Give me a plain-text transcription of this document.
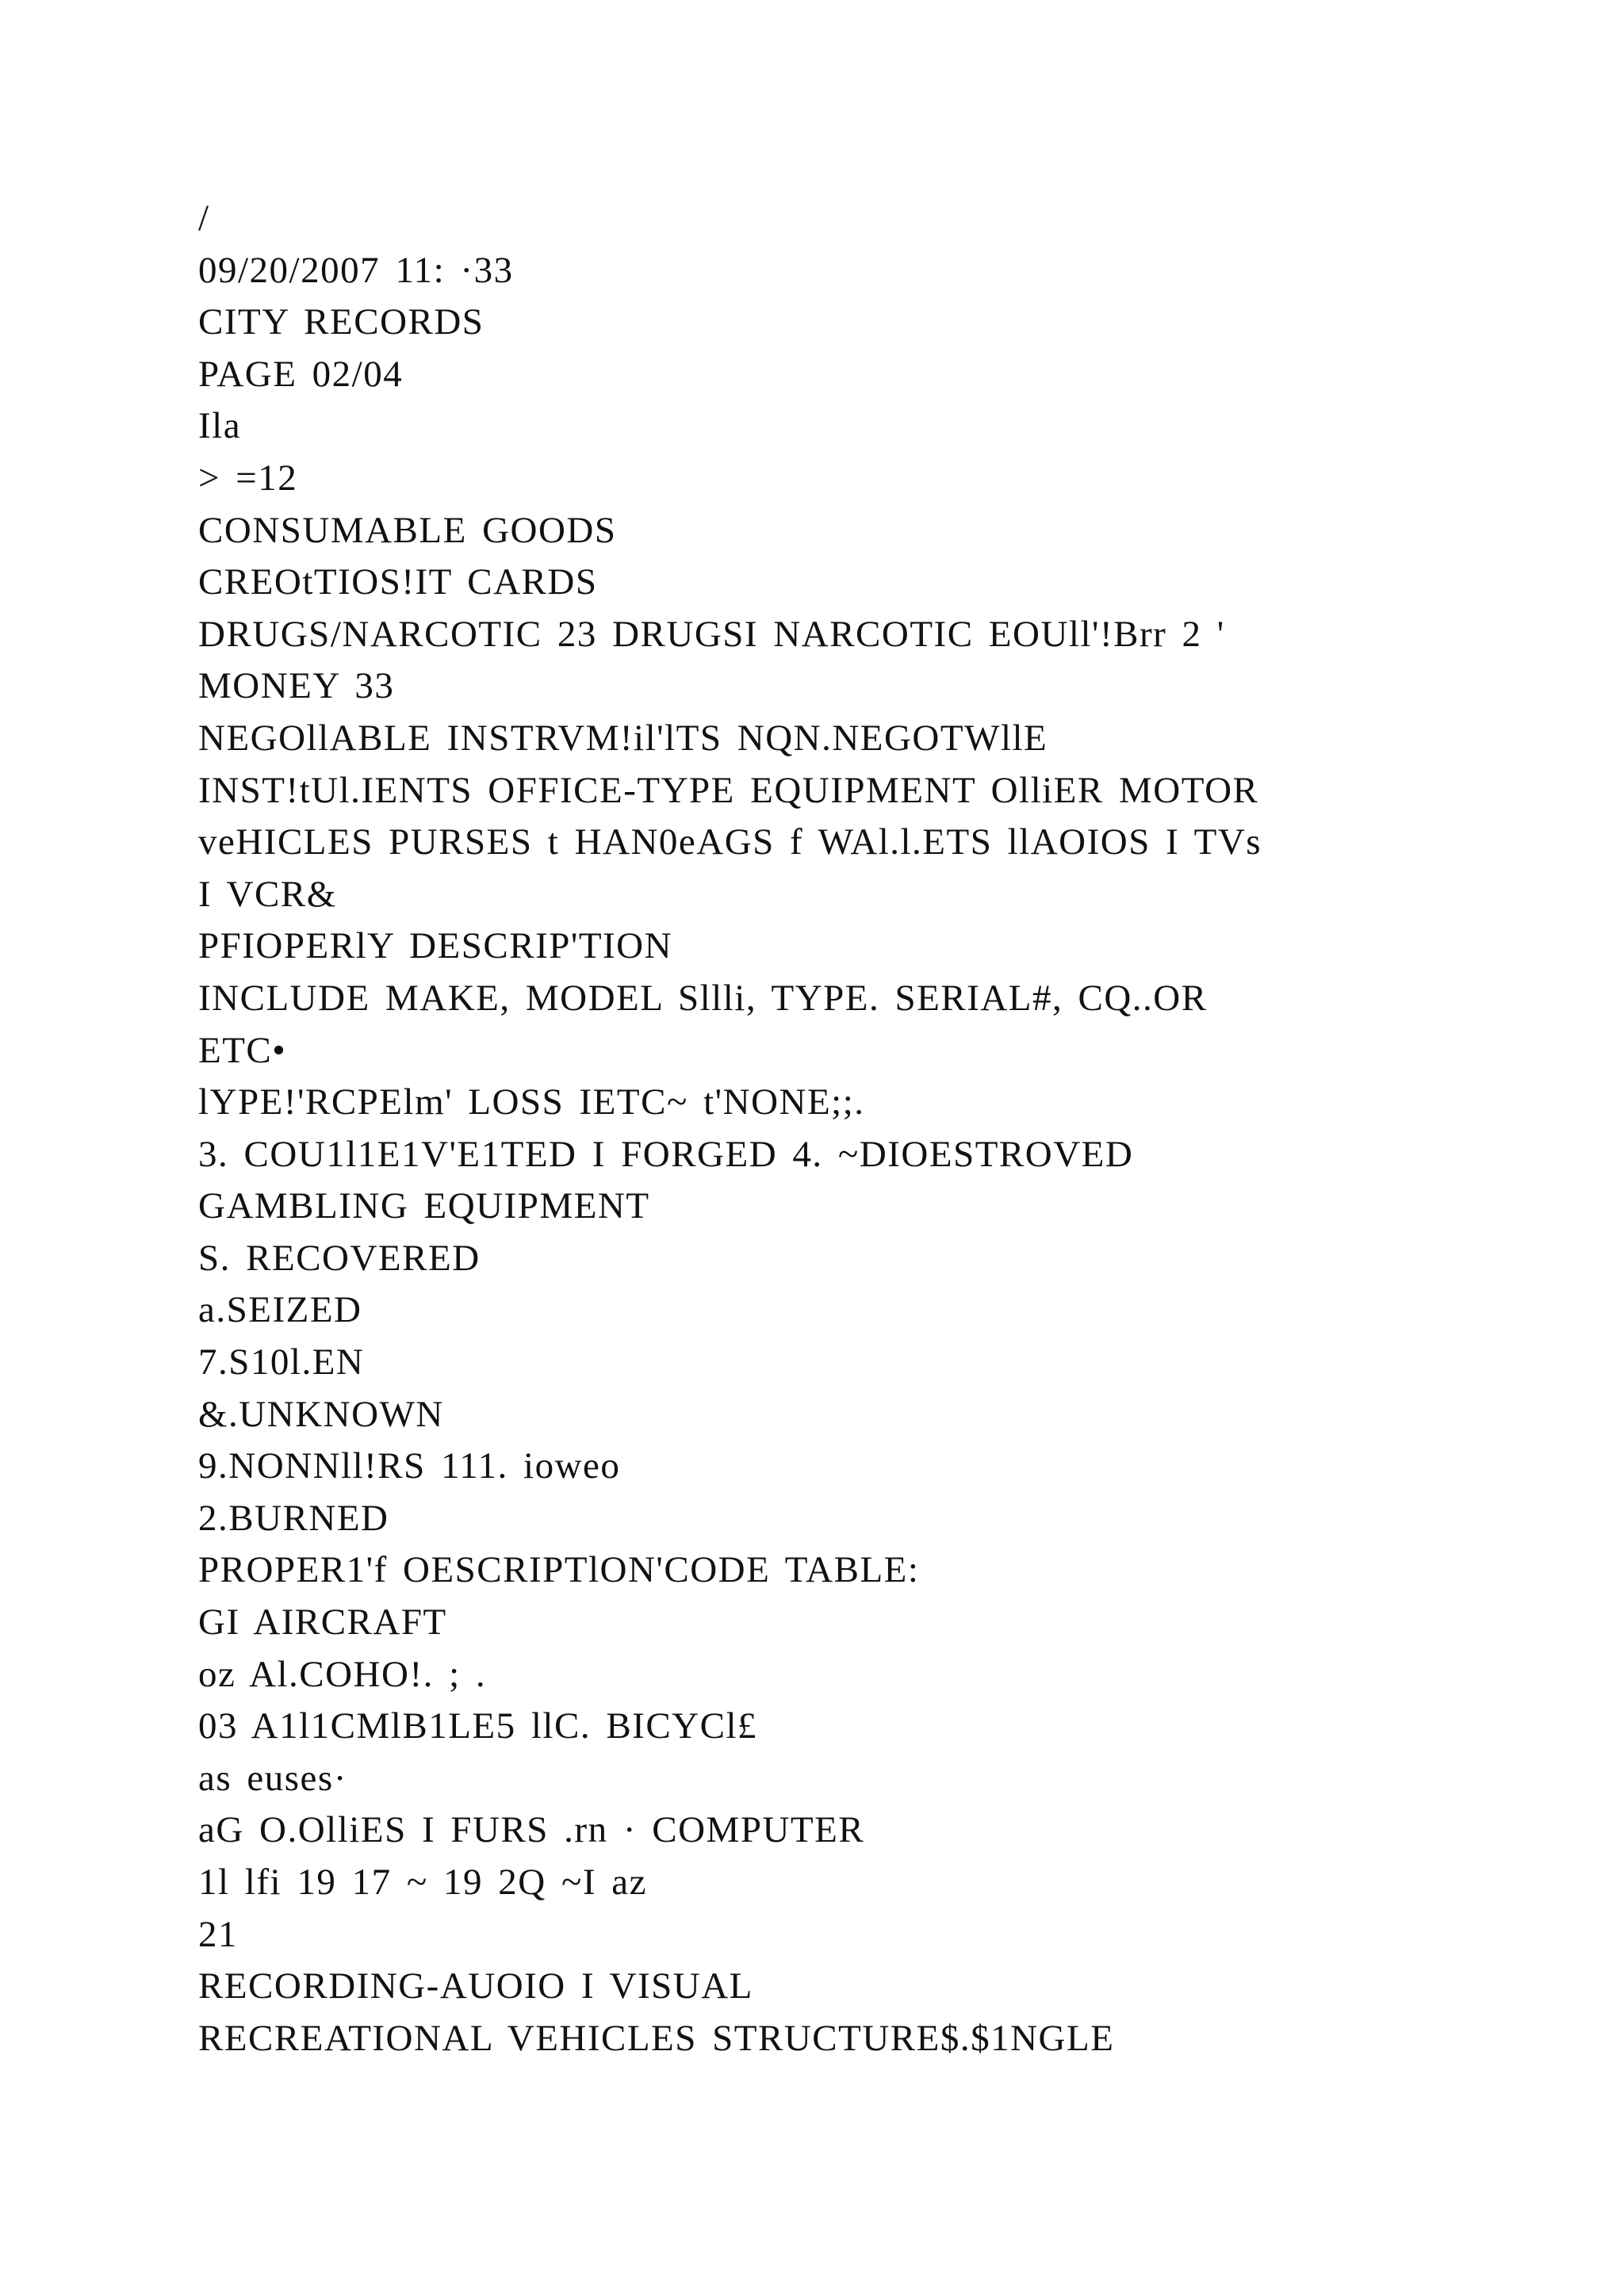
/
09/20/2007 11: ·33
CITY RECORDS
PAGE 02/04
Ila
> =12
CONSUMABLE GOODS
CREOtTIOS!IT CARDS
DRUGS/NARCOTIC 23 DRUGSI NARCOTIC EOUll'!Brr 2 '
MONEY 33
NEGOllABLE INSTRVM!il'lTS NQN.NEGOTWllE
INST!tUl.IENTS OFFICE-TYPE EQUIPMENT OlliER MOTOR
veHICLES PURSES t HAN0eAGS f WAl.l.ETS llAOIOS I TVs
I VCR&
PFIOPERlY DESCRIP'TION
INCLUDE MAKE, MODEL Sllli, TYPE. SERIAL#, CQ..OR
ETC•
lYPE!'RCPElm' LOSS IETC~ t'NONE;;.
3. COU1l1E1V'E1TED I FORGED 4. ~DIOESTROVED
GAMBLING EQUIPMENT
S. RECOVERED
a.SEIZED
7.S10l.EN
&.UNKNOWN
9.NONNll!RS 111. ioweo
2.BURNED
PROPER1'f OESCRIPTlON'CODE TABLE:
GI AIRCRAFT
oz Al.COHO!. ; .
03 A1l1CMlB1LE5 llC. BICYCl£
as euses·
aG O.OlliES I FURS .rn · COMPUTER
1l lfi 19 17 ~ 19 2Q ~I az
21
RECORDING-AUOIO I VISUAL
RECREATIONAL VEHICLES STRUCTURE$.$1NGLE
